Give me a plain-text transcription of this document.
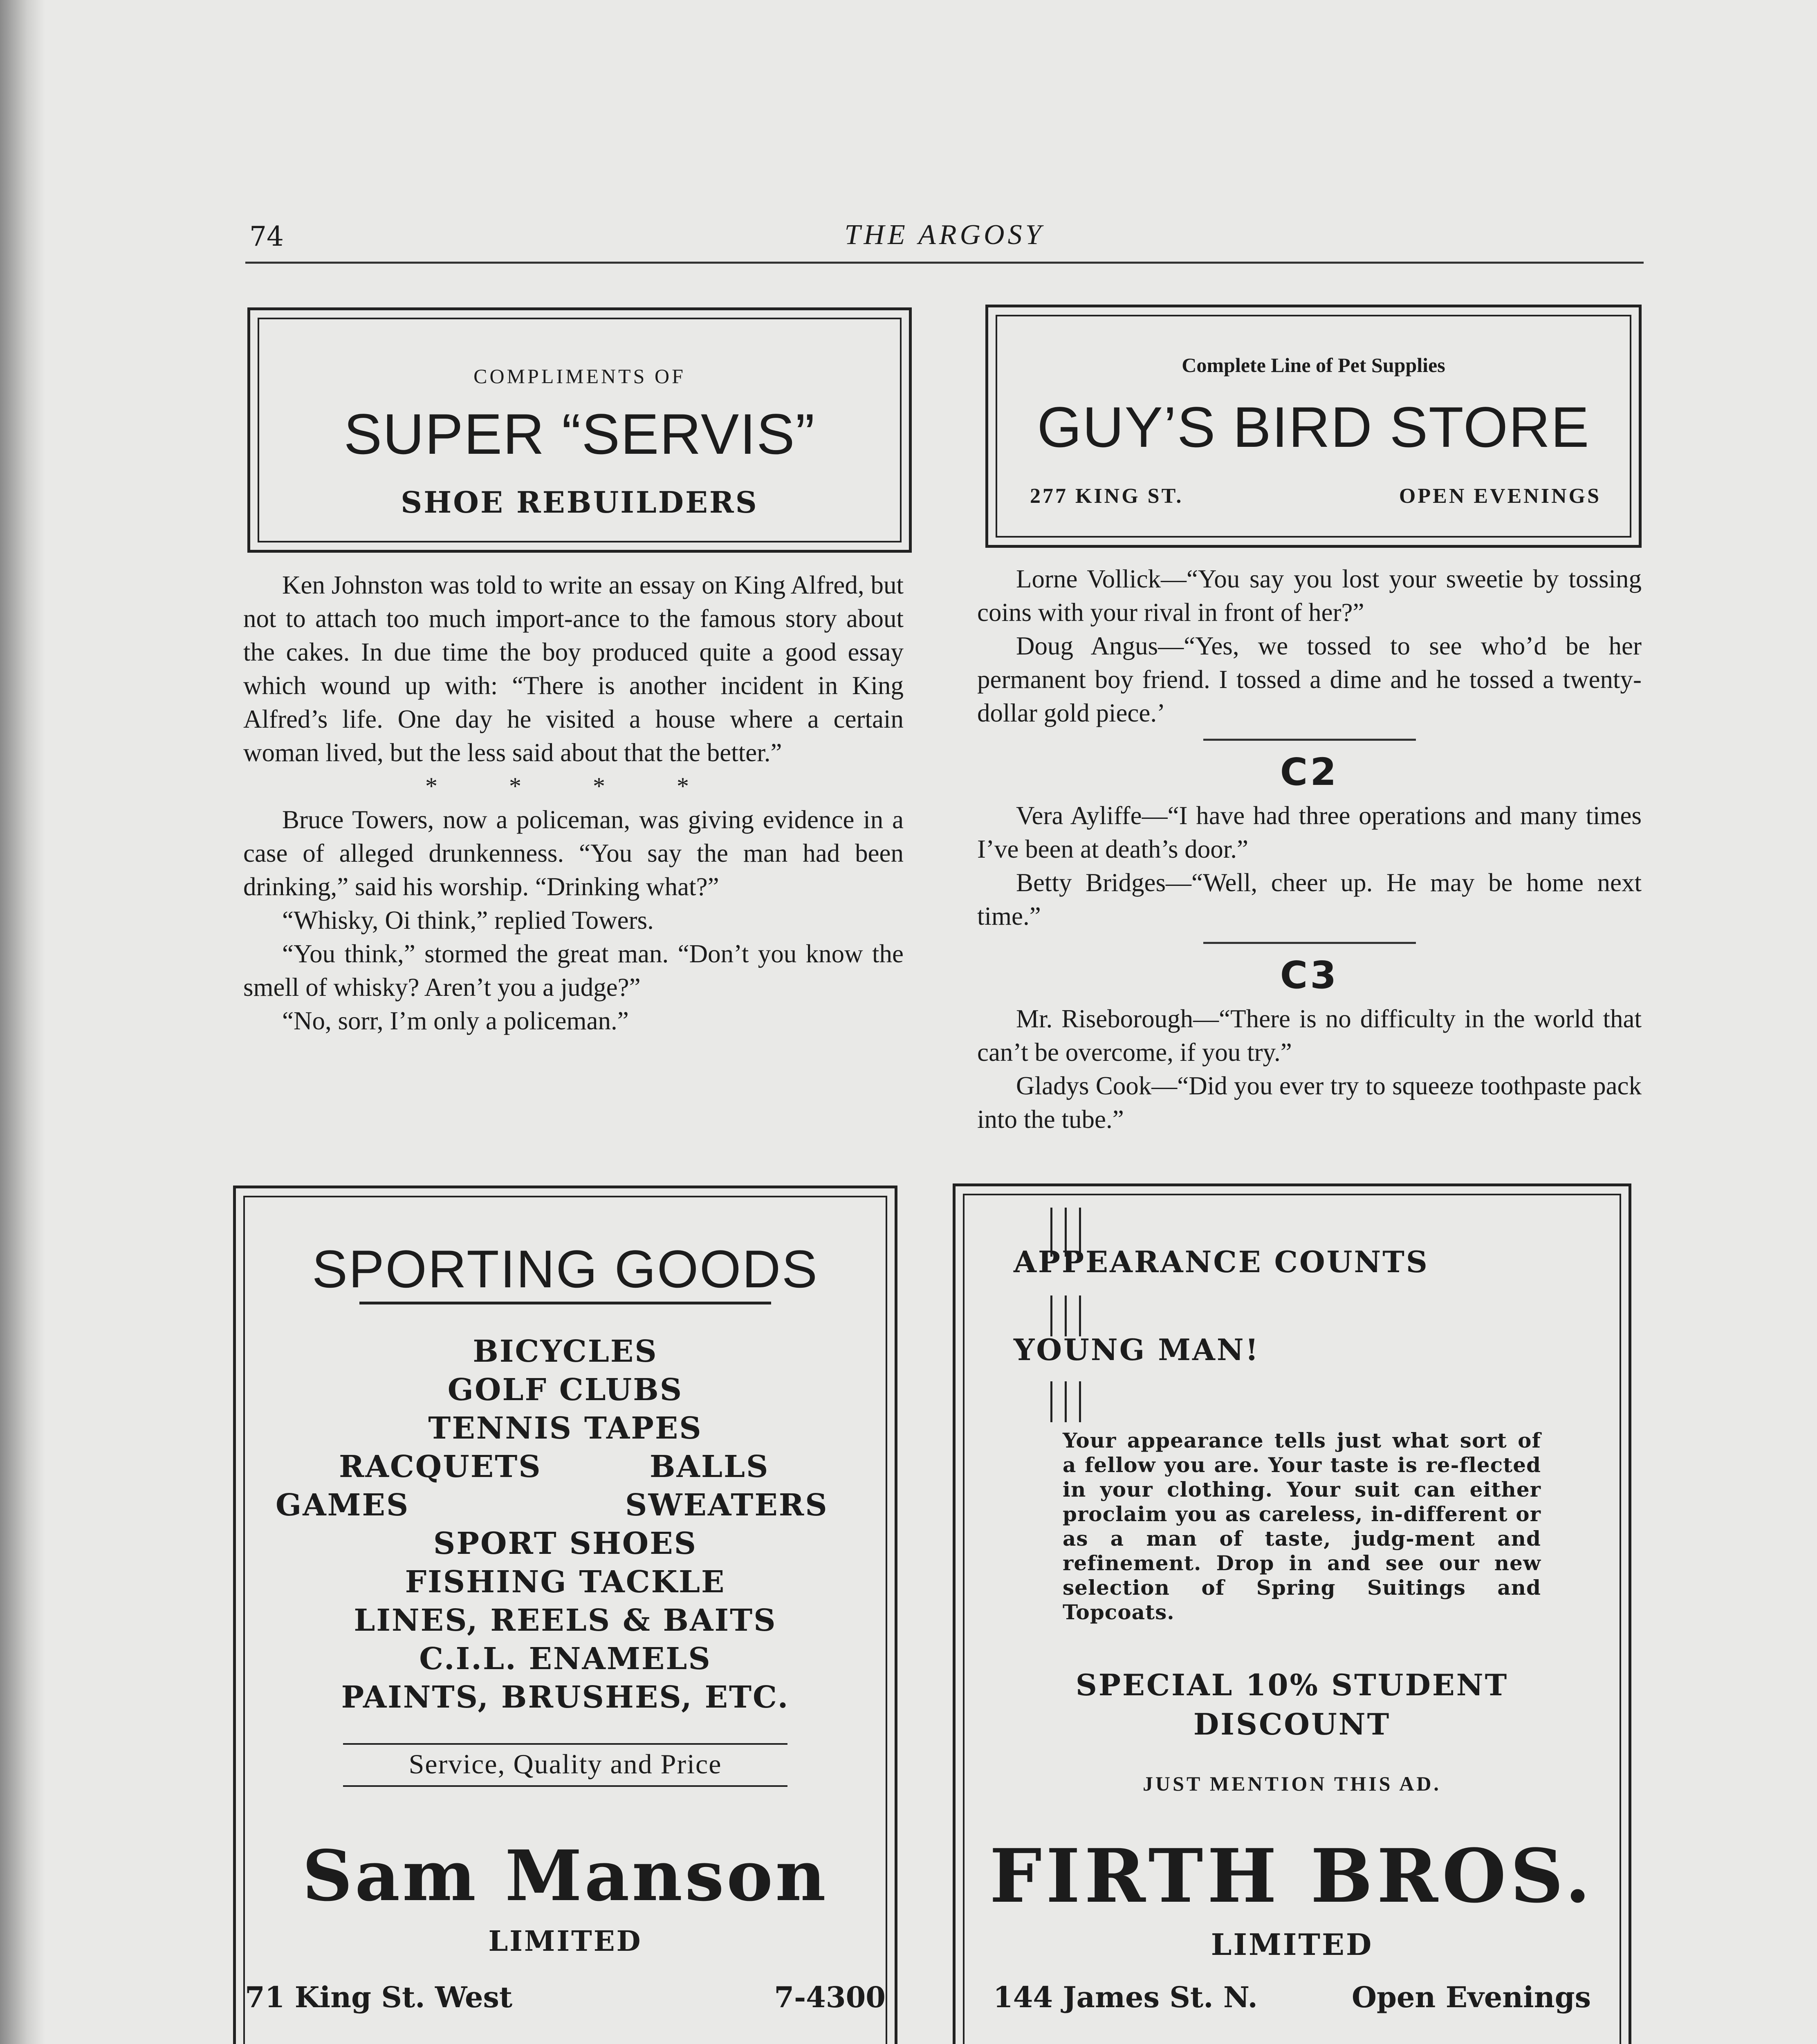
74	THE ARGOSY
COMPLIMENTS OF
SUPER “SERVIS”
SHOE REBUILDERS
Complete Line of Pet Supplies
GUY’S BIRD STORE
277 KING ST.	OPEN EVENINGS

Ken Johnston was told to write an essay on King Alfred, but not to attach too much import-ance to the famous story about the cakes. In due time the boy produced quite a good essay which wound up with: “There is another incident in King Alfred’s life. One day he visited a house where a certain woman lived, but the less said about that the better.”

* * * *

Bruce Towers, now a policeman, was giving evidence in a case of alleged drunkenness. “You say the man had been drinking,” said his worship. “Drinking what?”

“Whisky, Oi think,” replied Towers.

“You think,” stormed the great man. “Don’t you know the smell of whisky? Aren’t you a judge?”

“No, sorr, I’m only a policeman.”

Lorne Vollick—“You say you lost your sweetie by tossing coins with your rival in front of her?”

Doug Angus—“Yes, we tossed to see who’d be her permanent boy friend. I tossed a dime and he tossed a twenty-dollar gold piece.’

C2

Vera Ayliffe—“I have had three operations and many times I’ve been at death’s door.”

Betty Bridges—“Well, cheer up. He may be home next time.”

C3

Mr. Riseborough—“There is no difficulty in the world that can’t be overcome, if you try.”

Gladys Cook—“Did you ever try to squeeze toothpaste pack into the tube.”

SPORTING GOODS
BICYCLES
GOLF CLUBS
TENNIS TAPES
RACQUETS	BALLS
GAMES	SWEATERS
SPORT SHOES
FISHING TACKLE
LINES, REELS & BAITS
C.I.L. ENAMELS
PAINTS, BRUSHES, ETC.
Service, Quality and Price
Sam Manson
LIMITED
71 King St. West	7-4300
APPEARANCE COUNTS
YOUNG MAN!
Your appearance tells just what sort of a fellow you are. Your taste is re-flected in your clothing. Your suit can either proclaim you as careless, in-different or as a man of taste, judg-ment and refinement. Drop in and see our new selection of Spring Suitings and Topcoats.
SPECIAL 10% STUDENT
DISCOUNT
JUST MENTION THIS AD.
FIRTH BROS.
LIMITED
144 James St. N.	Open Evenings
